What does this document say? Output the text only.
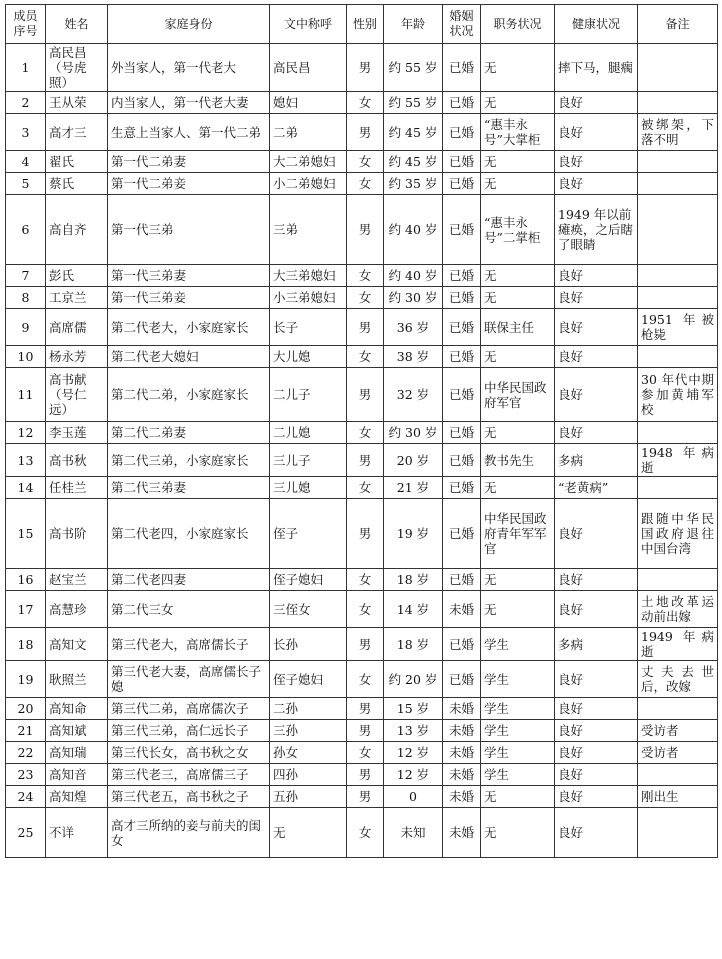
成员序号	姓名	家庭身份	文中称呼	性别	年龄	婚姻状况	职务状况	健康状况	备注
1	高民昌（号虎照）	外当家人，第一代老大	高民昌	男	约 55 岁	已婚	无	摔下马，腿瘸	
2	王从荣	内当家人，第一代老大妻	媳妇	女	约 55 岁	已婚	无	良好	
3	高才三	生意上当家人、第一代二弟	二弟	男	约 45 岁	已婚	“惠丰永号”大掌柜	良好	被绑架，下落不明
4	翟氏	第一代二弟妻	大二弟媳妇	女	约 45 岁	已婚	无	良好	
5	蔡氏	第一代二弟妾	小二弟媳妇	女	约 35 岁	已婚	无	良好	
6	高自齐	第一代三弟	三弟	男	约 40 岁	已婚	“惠丰永号”二掌柜	1949 年以前瘫痪，之后瞎了眼睛	
7	彭氏	第一代三弟妻	大三弟媳妇	女	约 40 岁	已婚	无	良好	
8	工京兰	第一代三弟妾	小三弟媳妇	女	约 30 岁	已婚	无	良好	
9	高席儒	第二代老大，小家庭家长	长子	男	36 岁	已婚	联保主任	良好	1951 年被枪毙
10	杨永芳	第二代老大媳妇	大儿媳	女	38 岁	已婚	无	良好	
11	高书献（号仁远）	第二代二弟，小家庭家长	二儿子	男	32 岁	已婚	中华民国政府军官	良好	30 年代中期参加黄埔军校
12	李玉莲	第二代二弟妻	二儿媳	女	约 30 岁	已婚	无	良好	
13	高书秋	第二代三弟，小家庭家长	三儿子	男	20 岁	已婚	教书先生	多病	1948 年病逝
14	任桂兰	第二代三弟妻	三儿媳	女	21 岁	已婚	无	“老黄病”	
15	高书阶	第二代老四，小家庭家长	侄子	男	19 岁	已婚	中华民国政府青年军军官	良好	跟随中华民国政府退往中国台湾
16	赵宝兰	第二代老四妻	侄子媳妇	女	18 岁	已婚	无	良好	
17	高慧珍	第二代三女	三侄女	女	14 岁	未婚	无	良好	土地改革运动前出嫁
18	高知文	第三代老大，高席儒长子	长孙	男	18 岁	已婚	学生	多病	1949 年病逝
19	耿照兰	第三代老大妻，高席儒长子媳	侄子媳妇	女	约 20 岁	已婚	学生	良好	丈夫去世后，改嫁
20	高知命	第三代二弟，高席儒次子	二孙	男	15 岁	未婚	学生	良好	
21	高知斌	第三代三弟，高仁远长子	三孙	男	13 岁	未婚	学生	良好	受访者
22	高知瑞	第三代长女，高书秋之女	孙女	女	12 岁	未婚	学生	良好	受访者
23	高知音	第三代老三，高席儒三子	四孙	男	12 岁	未婚	学生	良好	
24	高知煌	第三代老五，高书秋之子	五孙	男	0	未婚	无	良好	刚出生
25	不详	高才三所纳的妾与前夫的闺女	无	女	未知	未婚	无	良好	
